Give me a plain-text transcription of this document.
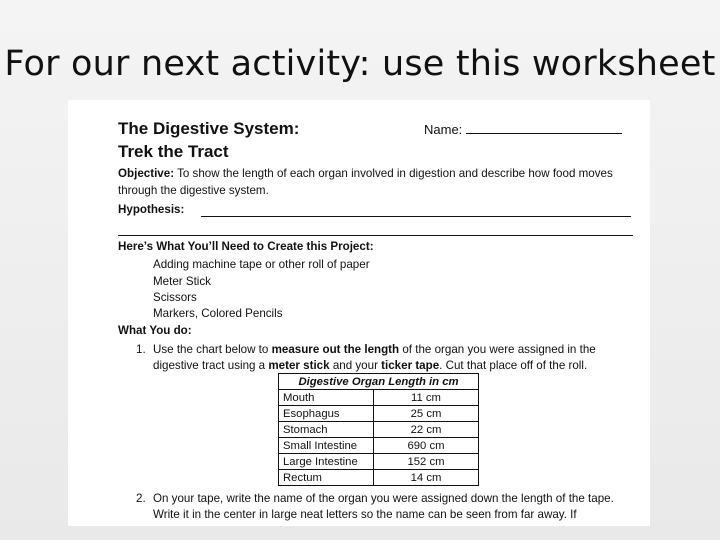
For our next activity: use this worksheet
The Digestive System:
Trek the Tract
Name:
Objective: To show the length of each organ involved in digestion and describe how food moves
through the digestive system.
Hypothesis:
Here’s What You’ll Need to Create this Project:
Adding machine tape or other roll of paper
Meter Stick
Scissors
Markers, Colored Pencils
What You do:
1. Use the chart below to measure out the length of the organ you were assigned in the
digestive tract using a meter stick and your ticker tape. Cut that place off of the roll.
Digestive Organ Length in cm	
Mouth	11 cm
Esophagus	25 cm
Stomach	22 cm
Small Intestine	690 cm
Large Intestine	152 cm
Rectum	14 cm
2. On your tape, write the name of the organ you were assigned down the length of the tape.
Write it in the center in large neat letters so the name can be seen from far away. If
